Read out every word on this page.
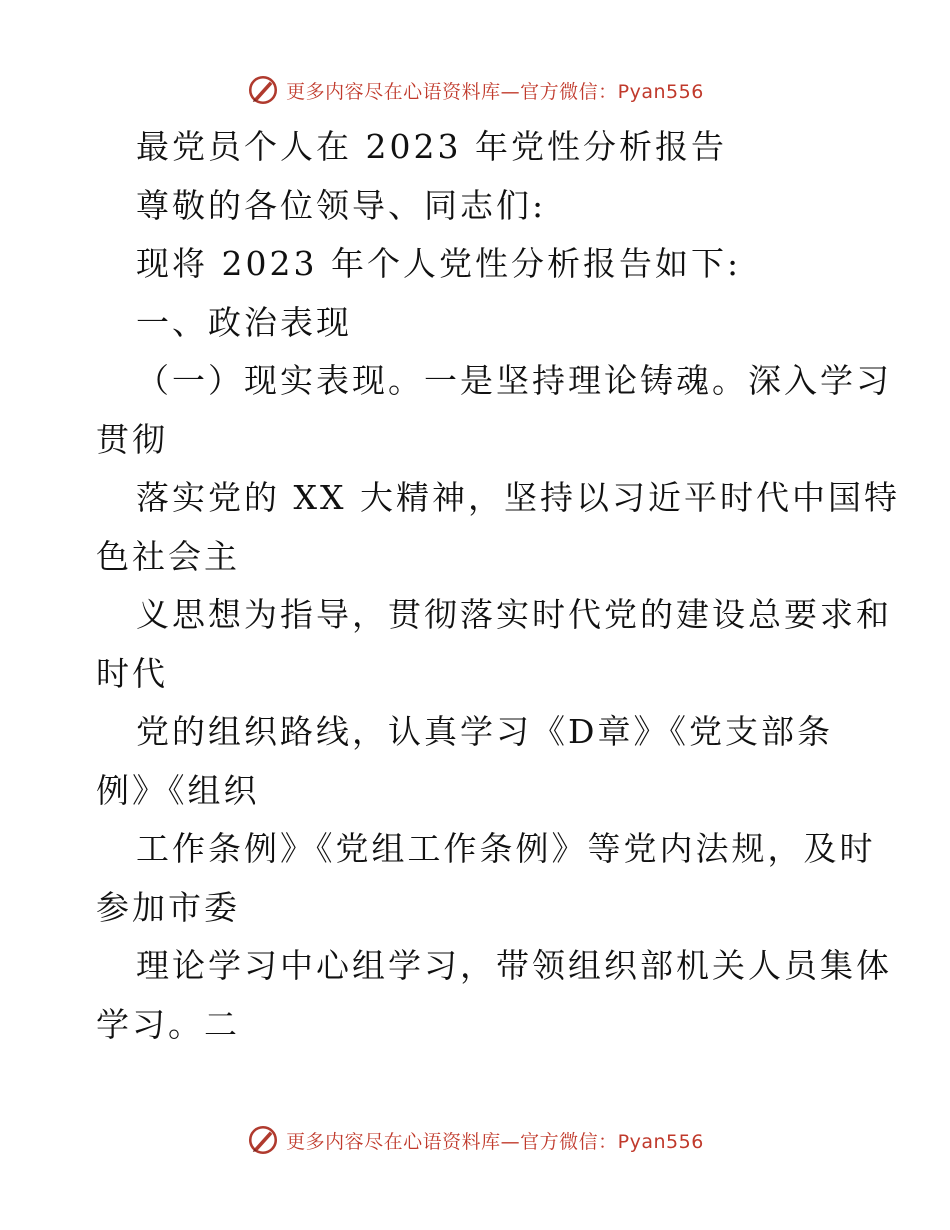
更多内容尽在心语资料库—官方微信：Pyan556
最党员个人在 2023 年党性分析报告
尊敬的各位领导、同志们:
现将 2023 年个人党性分析报告如下:
一、政治表现
（一）现实表现。一是坚持理论铸魂。深入学习
贯彻
落实党的 XX 大精神，坚持以习近平时代中国特
色社会主
义思想为指导，贯彻落实时代党的建设总要求和
时代
党的组织路线，认真学习《D章》《党支部条
例》《组织
工作条例》《党组工作条例》等党内法规，及时
参加市委
理论学习中心组学习，带领组织部机关人员集体
学习。二
更多内容尽在心语资料库—官方微信：Pyan556
